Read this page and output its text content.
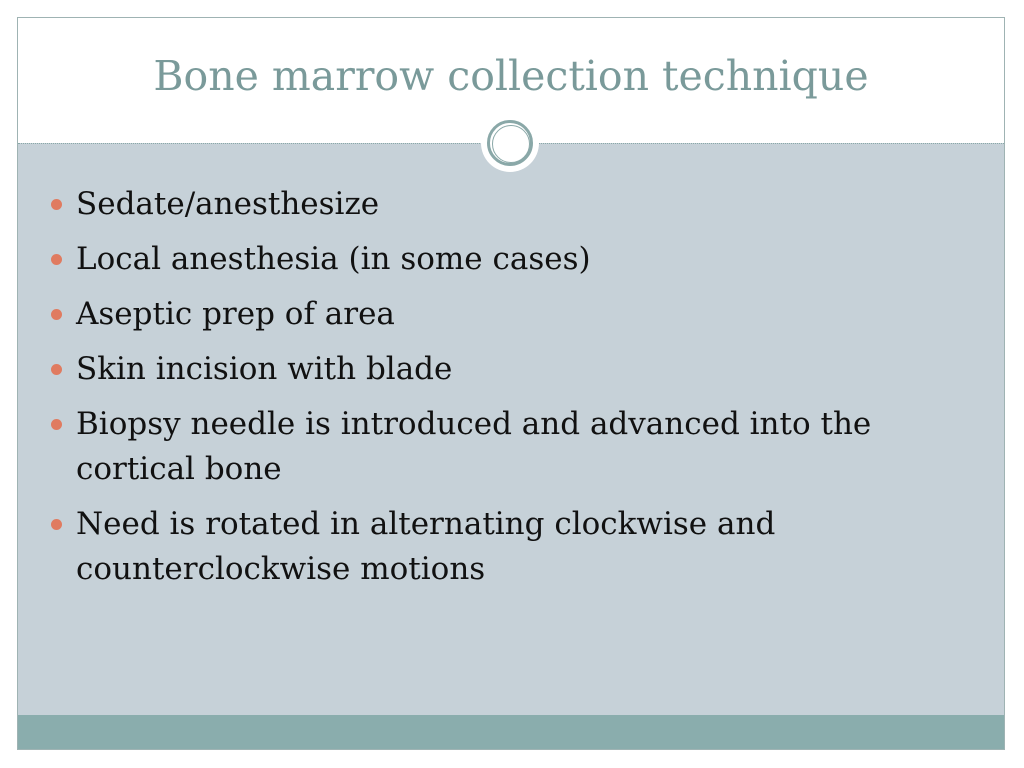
Bone marrow collection technique
Sedate/anesthesize
Local anesthesia (in some cases)
Aseptic prep of area
Skin incision with blade
Biopsy needle is introduced and advanced into the cortical bone
Need is rotated in alternating clockwise and counterclockwise motions
